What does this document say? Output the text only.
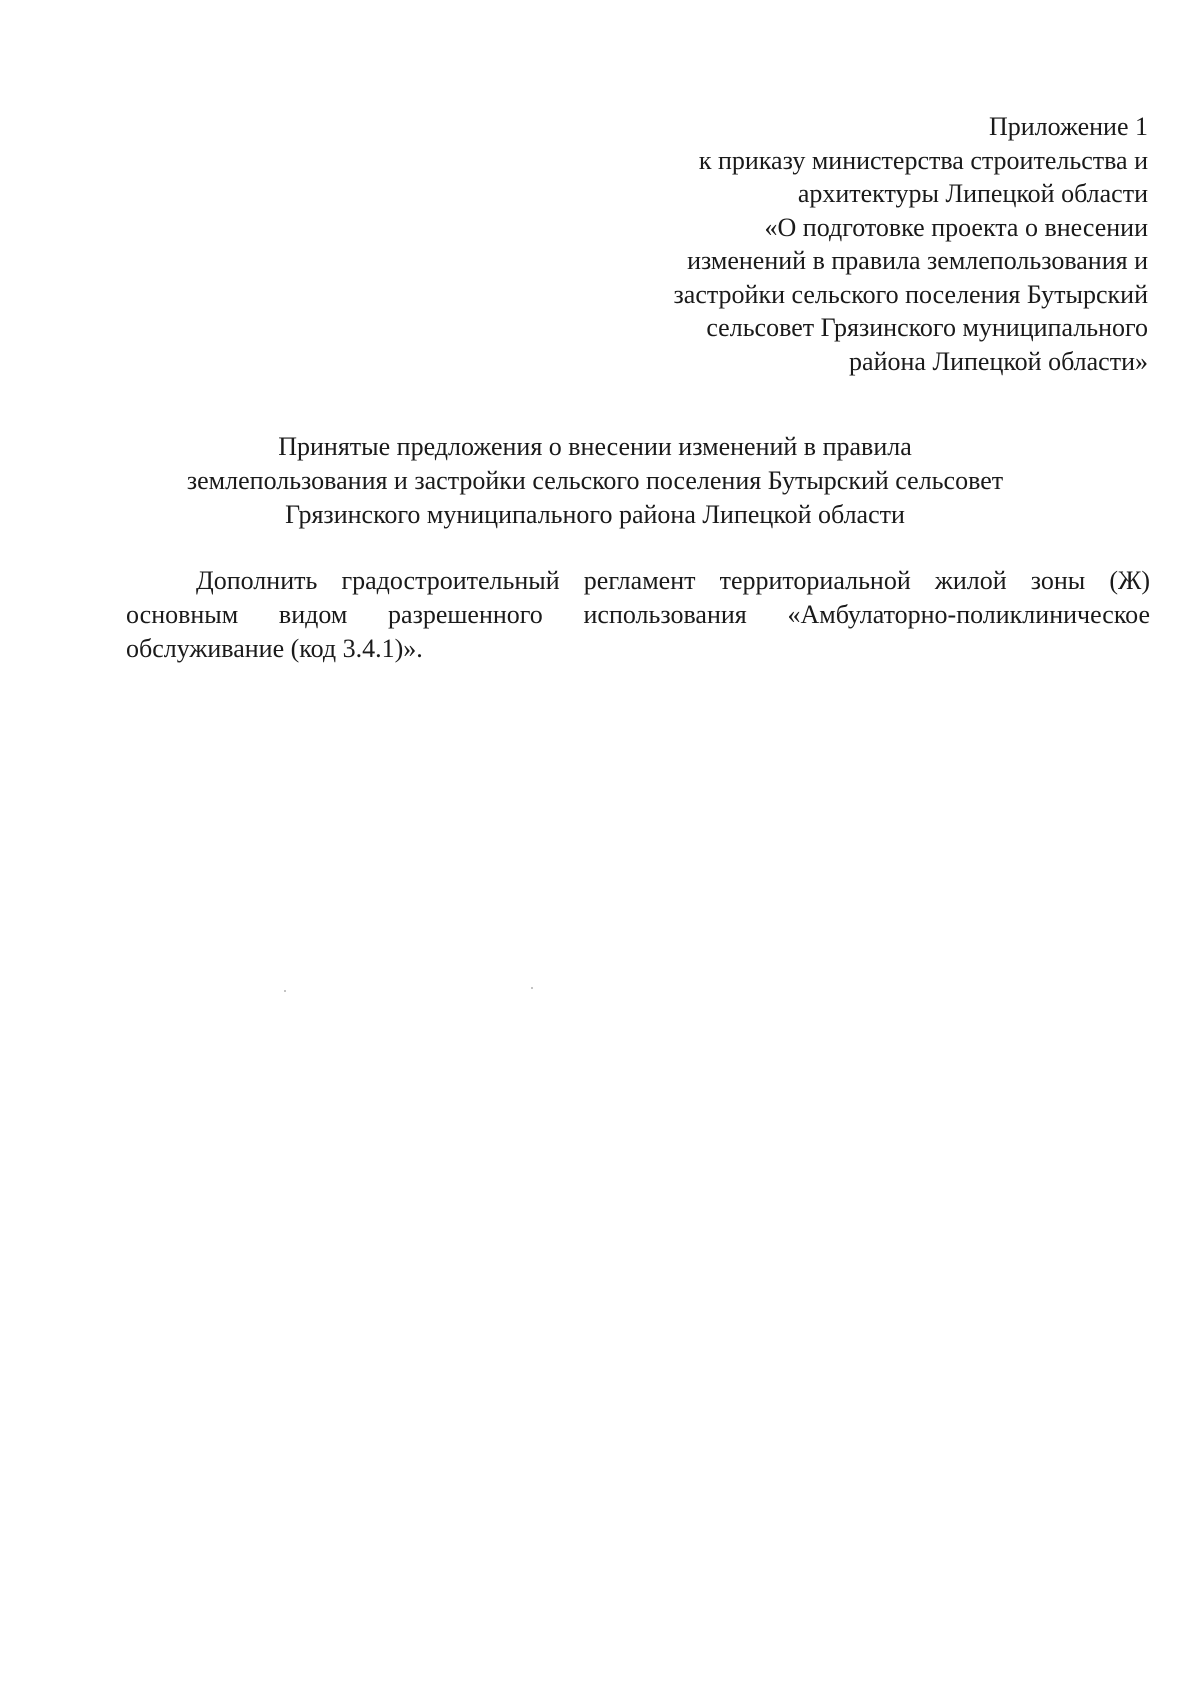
Приложение 1
к приказу министерства строительства и
архитектуры Липецкой области
«О подготовке проекта о внесении
изменений в правила землепользования и
застройки сельского поселения Бутырский
сельсовет Грязинского муниципального
района Липецкой области»
Принятые предложения о внесении изменений в правила
землепользования и застройки сельского поселения Бутырский сельсовет
Грязинского муниципального района Липецкой области

Дополнить градостроительный регламент территориальной жилой зоны (Ж) основным видом разрешенного использования «Амбулаторно-поликлиническое обслуживание (код 3.4.1)».
